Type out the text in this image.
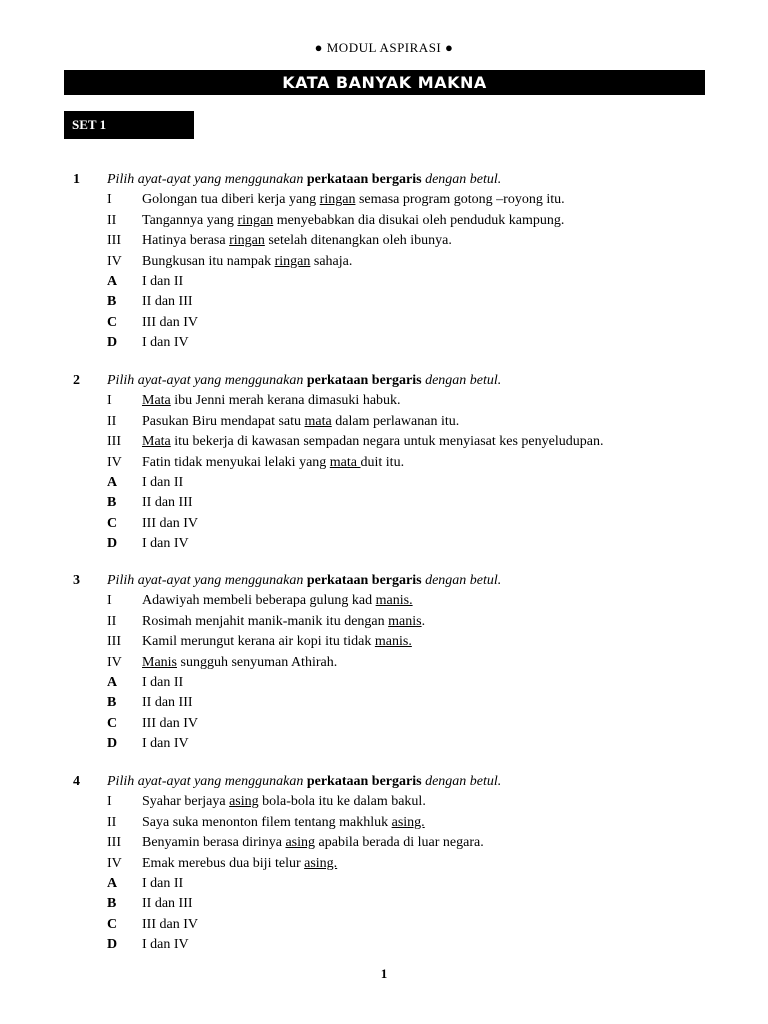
● MODUL ASPIRASI ●
KATA BANYAK MAKNA
SET 1
1 Pilih ayat-ayat yang menggunakan perkataan bergaris dengan betul.
I Golongan tua diberi kerja yang ringan semasa program gotong –royong itu.
II Tangannya yang ringan menyebabkan dia disukai oleh penduduk kampung.
III Hatinya berasa ringan setelah ditenangkan oleh ibunya.
IV Bungkusan itu nampak ringan sahaja.
A I dan II
B II dan III
C III dan IV
D I dan IV
2 Pilih ayat-ayat yang menggunakan perkataan bergaris dengan betul.
I Mata ibu Jenni merah kerana dimasuki habuk.
II Pasukan Biru mendapat satu mata dalam perlawanan itu.
III Mata itu bekerja di kawasan sempadan negara untuk menyiasat kes penyeludupan.
IV Fatin tidak menyukai lelaki yang mata duit itu.
A I dan II
B II dan III
C III dan IV
D I dan IV
3 Pilih ayat-ayat yang menggunakan perkataan bergaris dengan betul.
I Adawiyah membeli beberapa gulung kad manis.
II Rosimah menjahit manik-manik itu dengan manis.
III Kamil merungut kerana air kopi itu tidak manis.
IV Manis sungguh senyuman Athirah.
A I dan II
B II dan III
C III dan IV
D I dan IV
4 Pilih ayat-ayat yang menggunakan perkataan bergaris dengan betul.
I Syahar berjaya asing bola-bola itu ke dalam bakul.
II Saya suka menonton filem tentang makhluk asing.
III Benyamin berasa dirinya asing apabila berada di luar negara.
IV Emak merebus dua biji telur asing.
A I dan II
B II dan III
C III dan IV
D I dan IV
1
